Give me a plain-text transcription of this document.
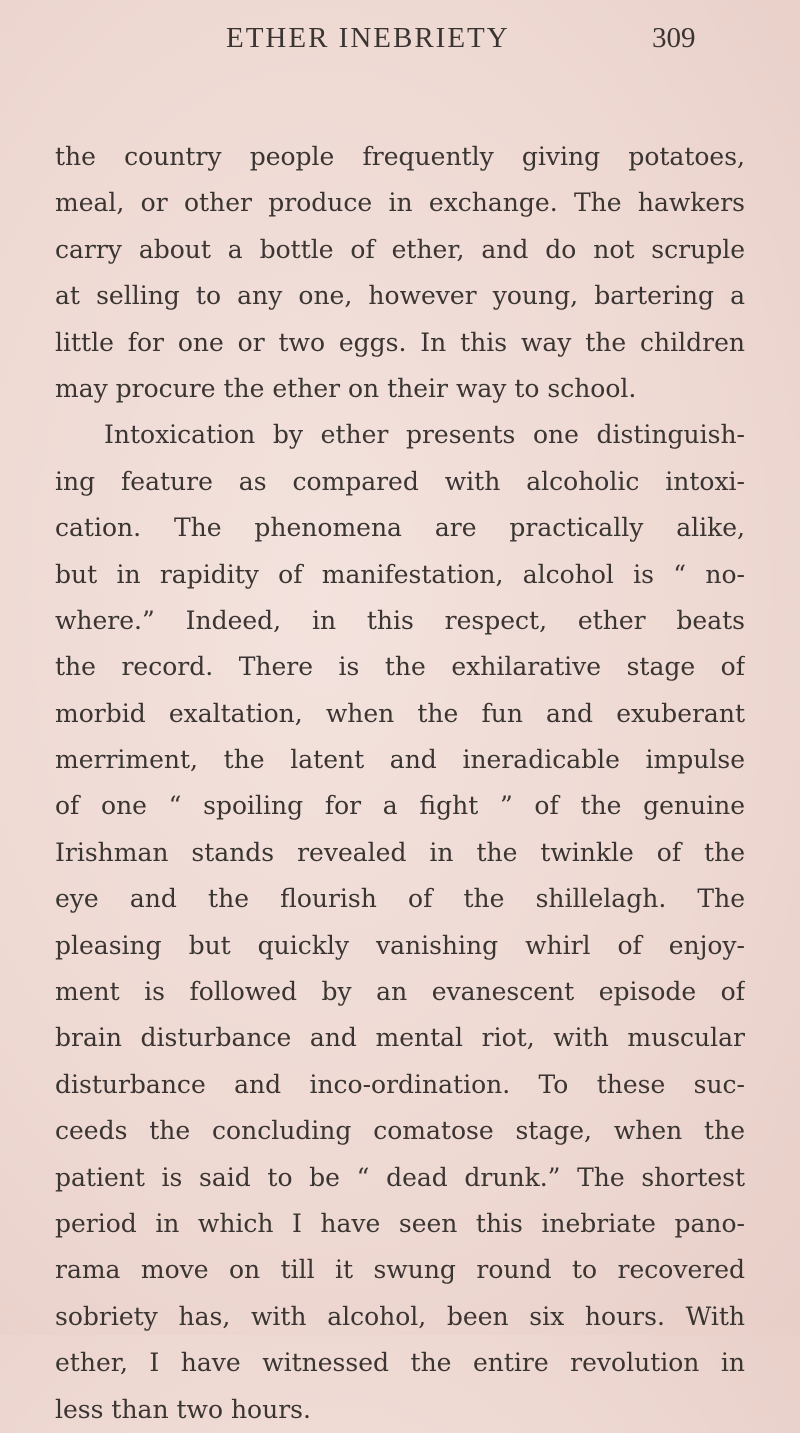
ETHER INEBRIETY	309
the country people frequently giving potatoes,
meal, or other produce in exchange. The hawkers
carry about a bottle of ether, and do not scruple
at selling to any one, however young, bartering a
little for one or two eggs. In this way the children
may procure the ether on their way to school.
Intoxication by ether presents one distinguish-
ing feature as compared with alcoholic intoxi-
cation. The phenomena are practically alike,
but in rapidity of manifestation, alcohol is “ no-
where.” Indeed, in this respect, ether beats
the record. There is the exhilarative stage of
morbid exaltation, when the fun and exuberant
merriment, the latent and ineradicable impulse
of one “ spoiling for a fight ” of the genuine
Irishman stands revealed in the twinkle of the
eye and the flourish of the shillelagh. The
pleasing but quickly vanishing whirl of enjoy-
ment is followed by an evanescent episode of
brain disturbance and mental riot, with muscular
disturbance and inco-ordination. To these suc-
ceeds the concluding comatose stage, when the
patient is said to be “ dead drunk.” The shortest
period in which I have seen this inebriate pano-
rama move on till it swung round to recovered
sobriety has, with alcohol, been six hours. With
ether, I have witnessed the entire revolution in
less than two hours.
